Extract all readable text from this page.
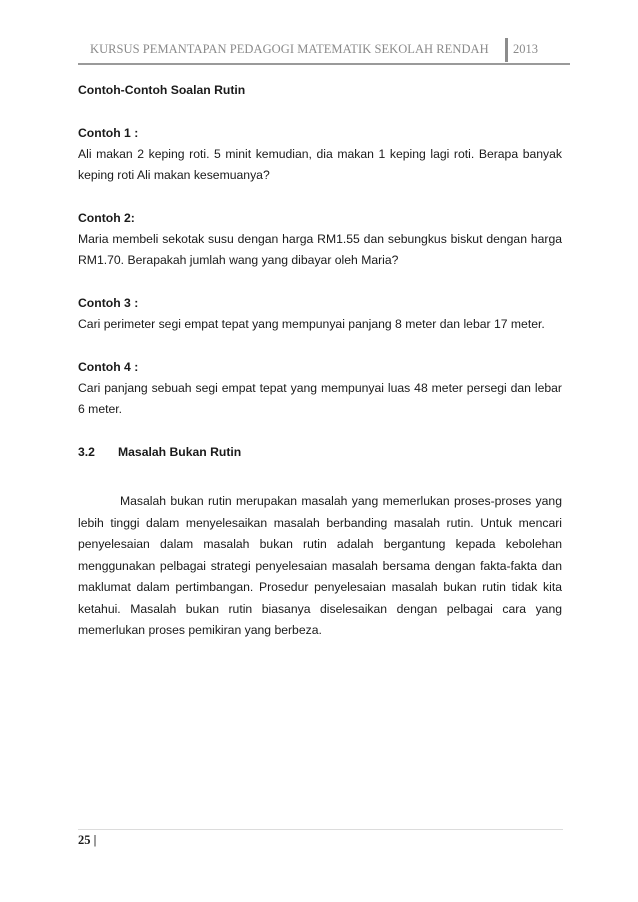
KURSUS PEMANTAPAN PEDAGOGI MATEMATIK SEKOLAH RENDAH 2013

Contoh-Contoh Soalan Rutin

Contoh 1 :

Ali makan 2 keping roti. 5 minit kemudian, dia makan 1 keping lagi roti. Berapa banyak keping roti Ali makan kesemuanya?

Contoh 2:

Maria membeli sekotak susu dengan harga RM1.55 dan sebungkus biskut dengan harga RM1.70. Berapakah jumlah wang yang dibayar oleh Maria?

Contoh 3 :

Cari perimeter segi empat tepat yang mempunyai panjang 8 meter dan lebar 17 meter.

Contoh 4 :

Cari panjang sebuah segi empat tepat yang mempunyai luas 48 meter persegi dan lebar 6 meter.

3.2	Masalah Bukan Rutin

Masalah bukan rutin merupakan masalah yang memerlukan proses-proses yang lebih tinggi dalam menyelesaikan masalah berbanding masalah rutin. Untuk mencari penyelesaian dalam masalah bukan rutin adalah bergantung kepada kebolehan menggunakan pelbagai strategi penyelesaian masalah bersama dengan fakta-fakta dan maklumat dalam pertimbangan. Prosedur penyelesaian masalah bukan rutin tidak kita ketahui. Masalah bukan rutin biasanya diselesaikan dengan pelbagai cara yang memerlukan proses pemikiran yang berbeza.

25 |
